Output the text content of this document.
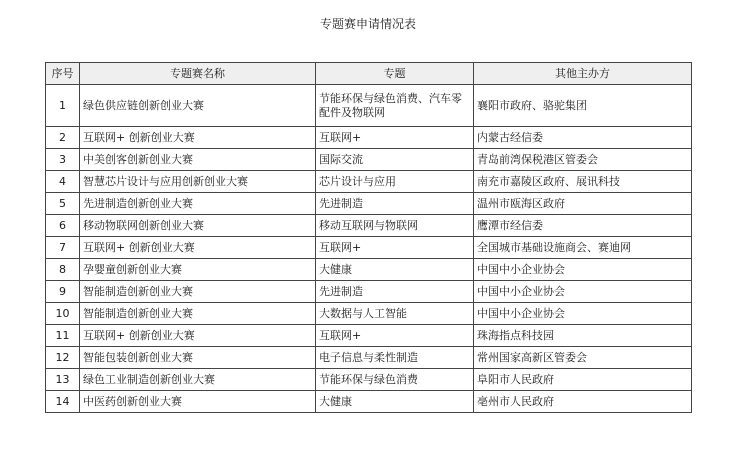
专题赛申请情况表
序号	专题赛名称	专题	其他主办方
1	绿色供应链创新创业大赛	节能环保与绿色消费、汽车零配件及物联网	襄阳市政府、骆驼集团
2	互联网+ 创新创业大赛	互联网+	内蒙古经信委
3	中美创客创新创业大赛	国际交流	青岛前湾保税港区管委会
4	智慧芯片设计与应用创新创业大赛	芯片设计与应用	南充市嘉陵区政府、展讯科技
5	先进制造创新创业大赛	先进制造	温州市瓯海区政府
6	移动物联网创新创业大赛	移动互联网与物联网	鹰潭市经信委
7	互联网+ 创新创业大赛	互联网+	全国城市基础设施商会、赛迪网
8	孕婴童创新创业大赛	大健康	中国中小企业协会
9	智能制造创新创业大赛	先进制造	中国中小企业协会
10	智能制造创新创业大赛	大数据与人工智能	中国中小企业协会
11	互联网+ 创新创业大赛	互联网+	珠海指点科技园
12	智能包装创新创业大赛	电子信息与柔性制造	常州国家高新区管委会
13	绿色工业制造创新创业大赛	节能环保与绿色消费	阜阳市人民政府
14	中医药创新创业大赛	大健康	亳州市人民政府
